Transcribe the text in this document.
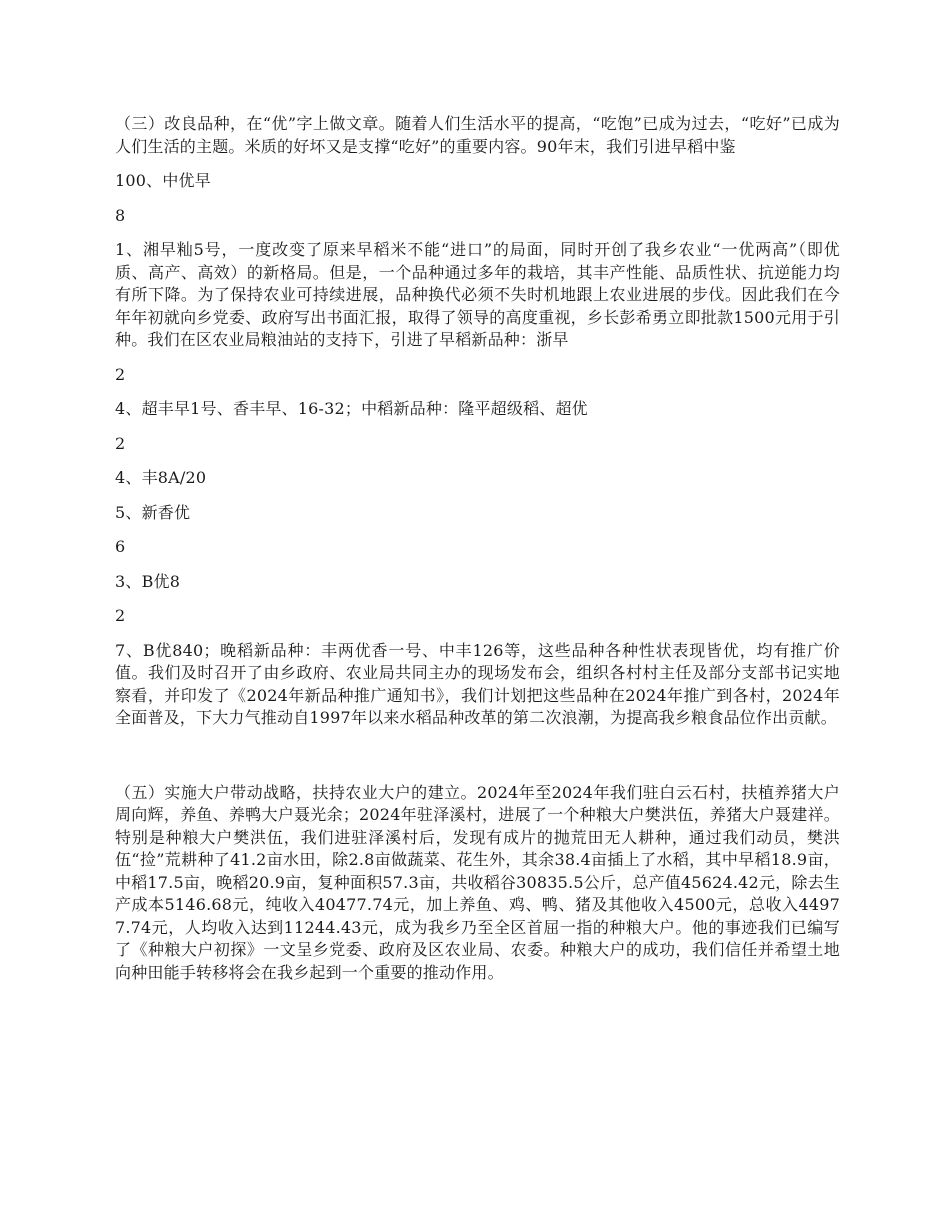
（三）改良品种，在“优”字上做文章。随着人们生活水平的提高，“吃饱”已成为过去，“吃好”已成为人们生活的主题。米质的好坏又是支撑“吃好”的重要内容。90年末，我们引进早稻中鉴

100、中优早

8

1、湘早籼5号，一度改变了原来早稻米不能“进口”的局面，同时开创了我乡农业“一优两高”（即优质、高产、高效）的新格局。但是，一个品种通过多年的栽培，其丰产性能、品质性状、抗逆能力均有所下降。为了保持农业可持续进展，品种换代必须不失时机地跟上农业进展的步伐。因此我们在今年年初就向乡党委、政府写出书面汇报，取得了领导的高度重视，乡长彭希勇立即批款1500元用于引种。我们在区农业局粮油站的支持下，引进了早稻新品种：浙早

2

4、超丰早1号、香丰早、16-32；中稻新品种：隆平超级稻、超优

2

4、丰8A/20

5、新香优

6

3、B优8

2

7、B优840；晚稻新品种：丰两优香一号、中丰126等，这些品种各种性状表现皆优，均有推广价值。我们及时召开了由乡政府、农业局共同主办的现场发布会，组织各村村主任及部分支部书记实地察看，并印发了《2024年新品种推广通知书》，我们计划把这些品种在2024年推广到各村，2024年全面普及，下大力气推动自1997年以来水稻品种改革的第二次浪潮，为提高我乡粮食品位作出贡献。

（五）实施大户带动战略，扶持农业大户的建立。2024年至2024年我们驻白云石村，扶植养猪大户周向辉，养鱼、养鸭大户聂光余；2024年驻泽溪村，进展了一个种粮大户樊洪伍，养猪大户聂建祥。特别是种粮大户樊洪伍，我们进驻泽溪村后，发现有成片的抛荒田无人耕种，通过我们动员，樊洪伍“捡”荒耕种了41.2亩水田，除2.8亩做蔬菜、花生外，其余38.4亩插上了水稻，其中早稻18.9亩，中稻17.5亩，晚稻20.9亩，复种面积57.3亩，共收稻谷30835.5公斤，总产值45624.42元，除去生产成本5146.68元，纯收入40477.74元，加上养鱼、鸡、鸭、猪及其他收入4500元，总收入44977.74元，人均收入达到11244.43元，成为我乡乃至全区首屈一指的种粮大户。他的事迹我们已编写了《种粮大户初探》一文呈乡党委、政府及区农业局、农委。种粮大户的成功，我们信任并希望土地向种田能手转移将会在我乡起到一个重要的推动作用。
